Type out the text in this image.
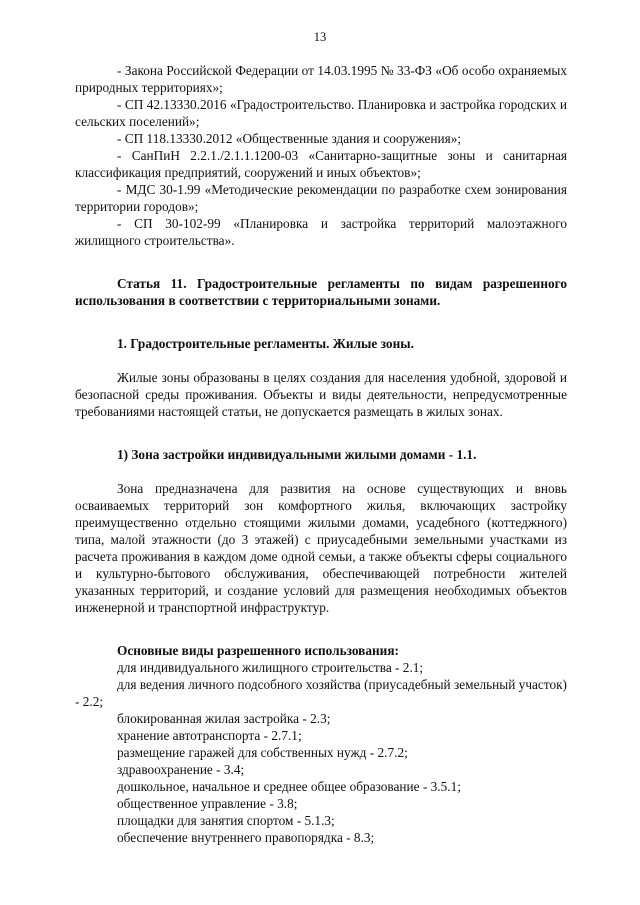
13

- Закона Российской Федерации от 14.03.1995 № 33-ФЗ «Об особо охраняемых природных территориях»;

- СП 42.13330.2016 «Градостроительство. Планировка и застройка городских и сельских поселений»;

- СП 118.13330.2012 «Общественные здания и сооружения»;

- СанПиН 2.2.1./2.1.1.1200-03 «Санитарно-защитные зоны и санитарная классификация предприятий, сооружений и иных объектов»;

- МДС 30-1.99 «Методические рекомендации по разработке схем зонирования территории городов»;

- СП 30-102-99 «Планировка и застройка территорий малоэтажного жилищного строительства».

Статья 11. Градостроительные регламенты по видам разрешенного использования в соответствии с территориальными зонами.

1. Градостроительные регламенты. Жилые зоны.

Жилые зоны образованы в целях создания для населения удобной, здоровой и безопасной среды проживания. Объекты и виды деятельности, непредусмотренные требованиями настоящей статьи, не допускается размещать в жилых зонах.

1) Зона застройки индивидуальными жилыми домами - 1.1.

Зона предназначена для развития на основе существующих и вновь осваиваемых территорий зон комфортного жилья, включающих застройку преимущественно отдельно стоящими жилыми домами, усадебного (коттеджного) типа, малой этажности (до 3 этажей) с приусадебными земельными участками из расчета проживания в каждом доме одной семьи, а также объекты сферы социального и культурно-бытового обслуживания, обеспечивающей потребности жителей указанных территорий, и создание условий для размещения необходимых объектов инженерной и транспортной инфраструктур.

Основные виды разрешенного использования:

для индивидуального жилищного строительства - 2.1;
для ведения личного подсобного хозяйства (приусадебный земельный участок) - 2.2;
блокированная жилая застройка - 2.3;
хранение автотранспорта - 2.7.1;
размещение гаражей для собственных нужд - 2.7.2;
здравоохранение - 3.4;
дошкольное, начальное и среднее общее образование - 3.5.1;
общественное управление - 3.8;
площадки для занятия спортом - 5.1.3;
обеспечение внутреннего правопорядка - 8.3;
